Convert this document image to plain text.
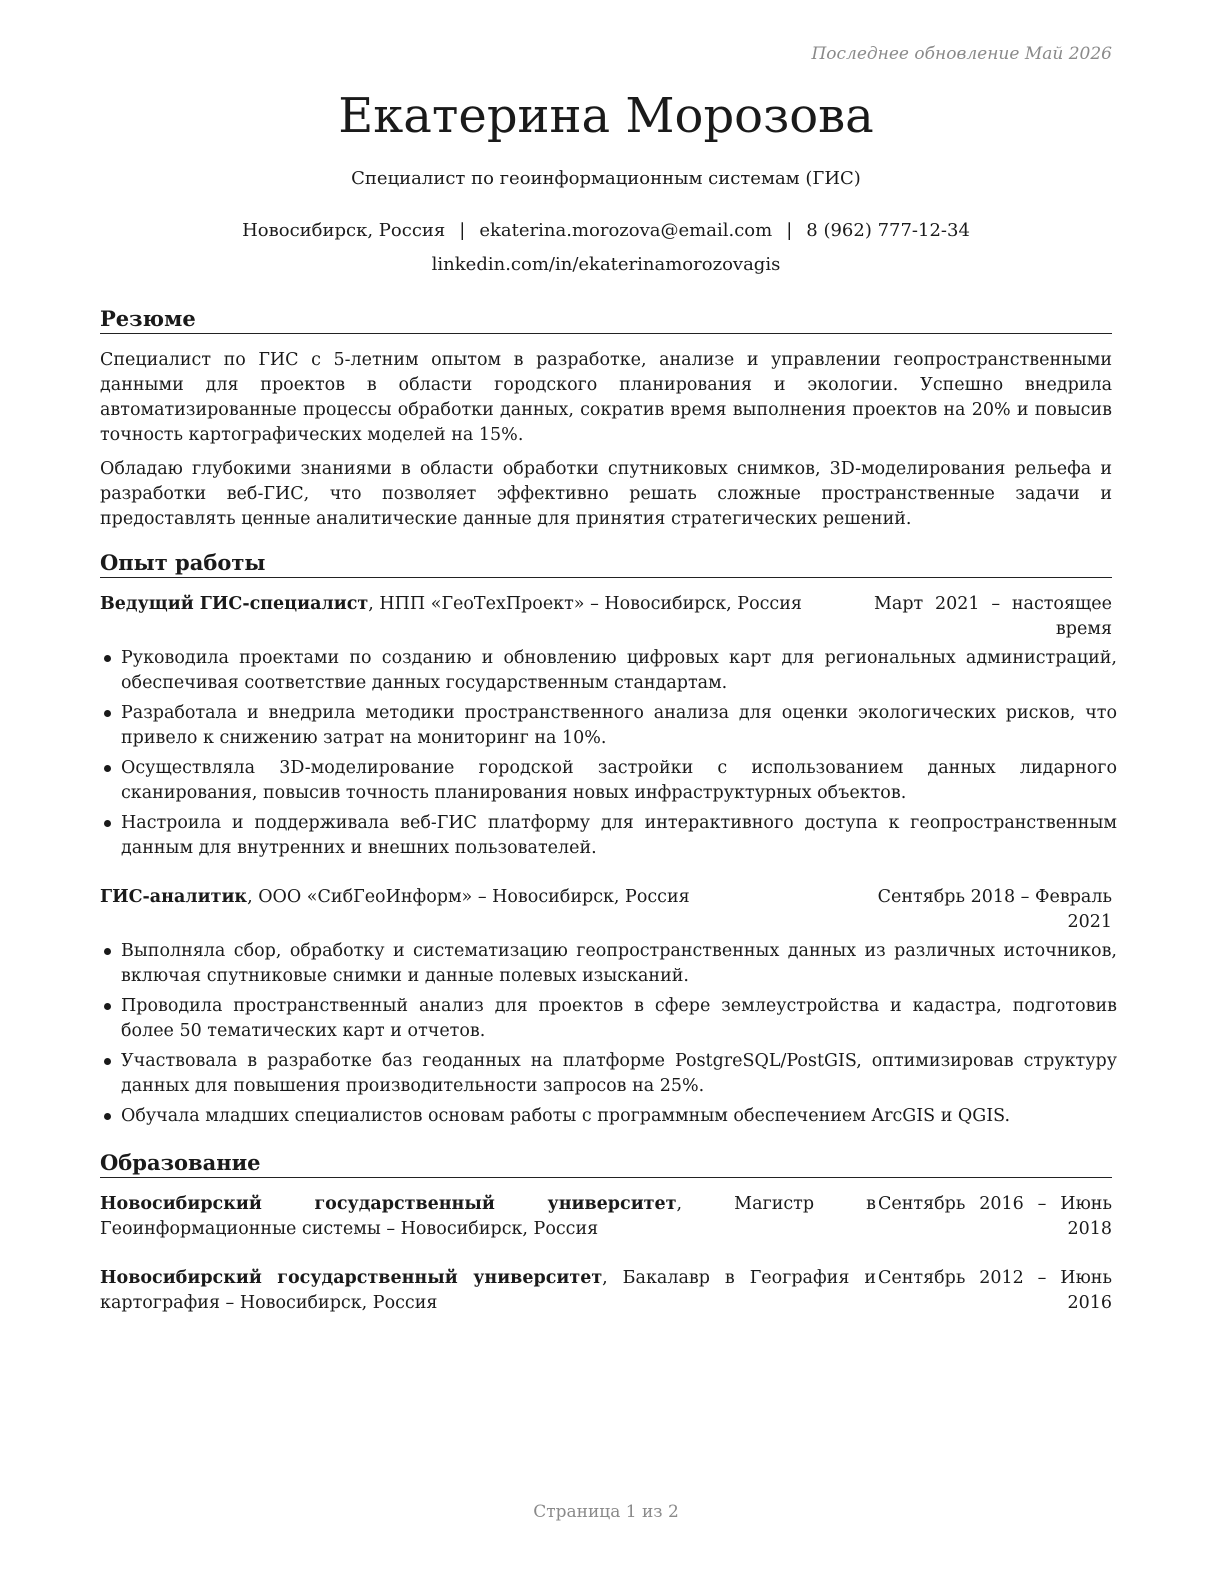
Последнее обновление Май 2026
Екатерина Морозова
Специалист по геоинформационным системам (ГИС)
Новосибирск, Россия | ekaterina.morozova@email.com | 8 (962) 777-12-34
linkedin.com/in/ekaterinamorozovagis
Резюме

Специалист по ГИС с 5-летним опытом в разработке, анализе и управлении геопространственными данными для проектов в области городского планирования и экологии. Успешно внедрила автоматизированные процессы обработки данных, сократив время выполнения проектов на 20% и повысив точность картографических моделей на 15%.

Обладаю глубокими знаниями в области обработки спутниковых снимков, 3D-моделирования рельефа и разработки веб-ГИС, что позволяет эффективно решать сложные пространственные задачи и предоставлять ценные аналитические данные для принятия стратегических решений.

Опыт работы
Ведущий ГИС-специалист, НПП «ГеоТехПроект» – Новосибирск, Россия	Март 2021 – настоящее
время
Руководила проектами по созданию и обновлению цифровых карт для региональных администраций, обеспечивая соответствие данных государственным стандартам.
Разработала и внедрила методики пространственного анализа для оценки экологических рисков, что привело к снижению затрат на мониторинг на 10%.
Осуществляла 3D-моделирование городской застройки с использованием данных лидарного сканирования, повысив точность планирования новых инфраструктурных объектов.
Настроила и поддерживала веб-ГИС платформу для интерактивного доступа к геопространственным данным для внутренних и внешних пользователей.
ГИС-аналитик, ООО «СибГеоИнформ» – Новосибирск, Россия	Сентябрь 2018 – Февраль
2021
Выполняла сбор, обработку и систематизацию геопространственных данных из различных источников, включая спутниковые снимки и данные полевых изысканий.
Проводила пространственный анализ для проектов в сфере землеустройства и кадастра, подготовив более 50 тематических карт и отчетов.
Участвовала в разработке баз геоданных на платформе PostgreSQL/PostGIS, оптимизировав структуру данных для повышения производительности запросов на 25%.
Обучала младших специалистов основам работы с программным обеспечением ArcGIS и QGIS.
Образование
Новосибирский государственный университет, Магистр в Геоинформационные системы – Новосибирск, Россия
Сентябрь 2016 – Июнь
2018
Новосибирский государственный университет, Бакалавр в География и картография – Новосибирск, Россия
Сентябрь 2012 – Июнь
2016
Страница 1 из 2
